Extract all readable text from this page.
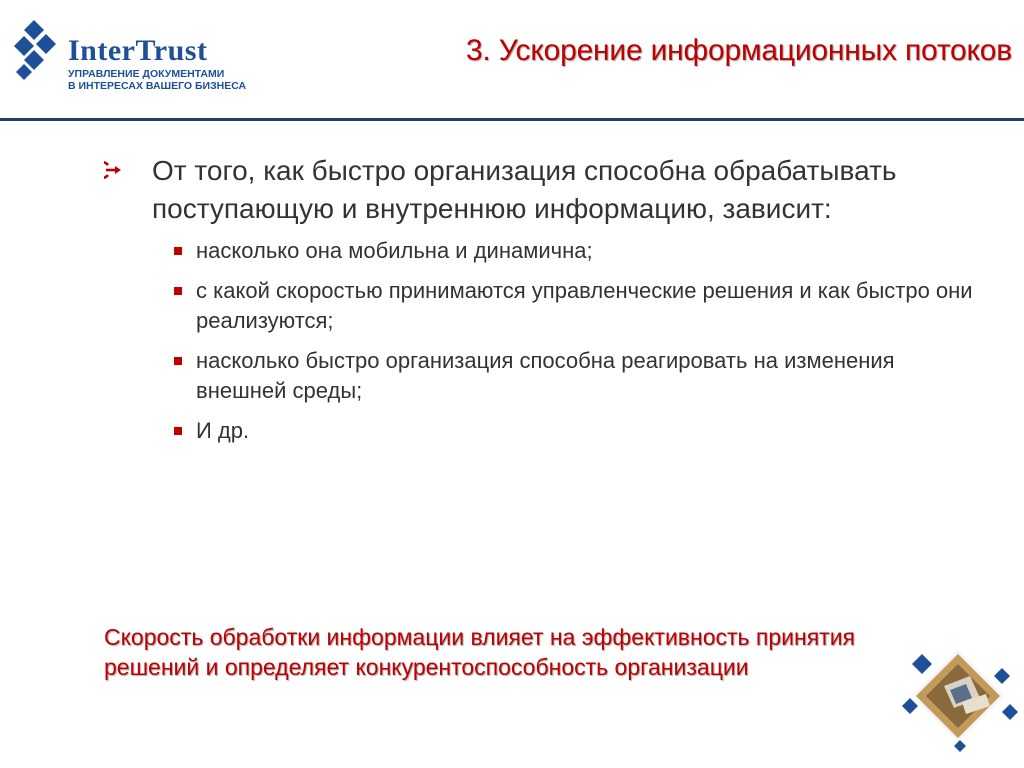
InterTrust
УПРАВЛЕНИЕ ДОКУМЕНТАМИ
В ИНТЕРЕСАХ ВАШЕГО БИЗНЕСА
3. Ускорение информационных потоков
От того, как быстро организация способна обрабатывать поступающую и внутреннюю информацию, зависит:
насколько она мобильна и динамична;
с какой скоростью принимаются управленческие решения и как быстро они реализуются;
насколько быстро организация способна реагировать на изменения внешней среды;
И др.
Скорость обработки информации влияет на эффективность принятия решений и определяет конкурентоспособность организации
